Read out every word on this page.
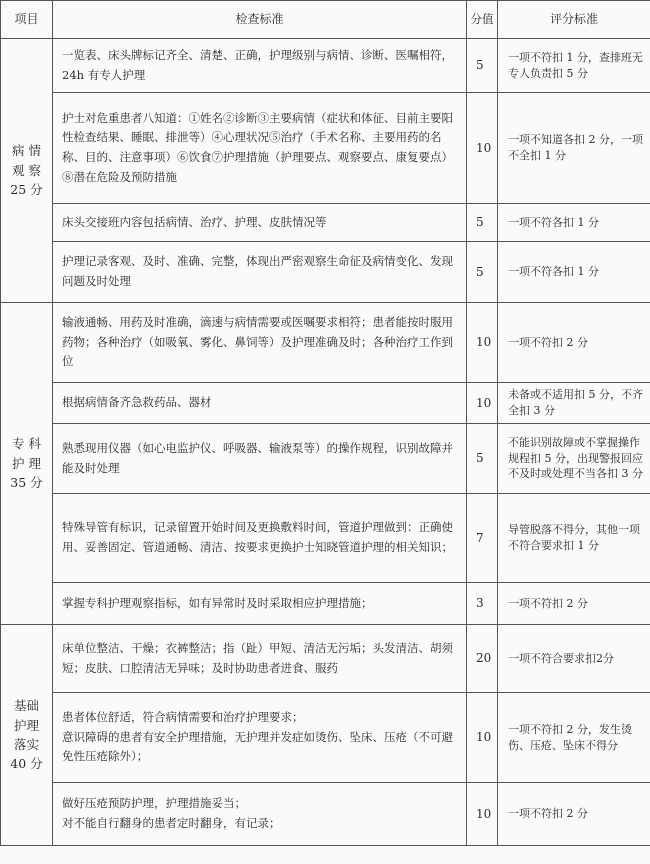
项目	检查标准	分值	评分标准
病 情
观 察
25 分	一览表、床头牌标记齐全、清楚、正确，护理级别与病情、诊断、医嘱相符，24h 有专人护理	5	一项不符扣 1 分，查排班无专人负责扣 5 分
	护士对危重患者八知道：①姓名②诊断③主要病情（症状和体征、目前主要阳性检查结果、睡眠、排泄等）④心理状况⑤治疗（手术名称、主要用药的名称、目的、注意事项）⑥饮食⑦护理措施（护理要点、观察要点、康复要点）⑧潜在危险及预防措施	10	一项不知道各扣 2 分，一项不全扣 1 分
	床头交接班内容包括病情、治疗、护理、皮肤情况等	5	一项不符各扣 1 分
	护理记录客观、及时、准确、完整，体现出严密观察生命征及病情变化、发现问题及时处理	5	一项不符各扣 1 分
专 科
护 理
35 分	输液通畅、用药及时准确，滴速与病情需要或医嘱要求相符；患者能按时服用药物；各种治疗（如吸氧、雾化、鼻饲等）及护理准确及时；各种治疗工作到位	10	一项不符扣 2 分
	根据病情备齐急救药品、器材	10	未备或不适用扣 5 分，不齐全扣 3 分
	熟悉现用仪器（如心电监护仪、呼吸器、输液泵等）的操作规程，识别故障并能及时处理	5	不能识别故障或不掌握操作规程扣 5 分，出现警报回应不及时或处理不当各扣 3 分
	特殊导管有标识，记录留置开始时间及更换敷料时间，管道护理做到：正确使用、妥善固定、管道通畅、清洁、按要求更换护士知晓管道护理的相关知识；	7	导管脱落不得分，其他一项不符合要求扣 1 分
	掌握专科护理观察指标，如有异常时及时采取相应护理措施；	3	一项不符扣 2 分
基础
护理
落实
40 分	床单位整洁、干燥；衣裤整洁；指（趾）甲短、清洁无污垢；头发清洁、胡须短；皮肤、口腔清洁无异味；及时协助患者进食、服药	20	一项不符合要求扣2分
	患者体位舒适，符合病情需要和治疗护理要求；
意识障碍的患者有安全护理措施，无护理并发症如烫伤、坠床、压疮（不可避免性压疮除外）；	10	一项不符扣 2 分，发生烫伤、压疮、坠床不得分
	做好压疮预防护理，护理措施妥当；
对不能自行翻身的患者定时翻身，有记录；	10	一项不符扣 2 分
